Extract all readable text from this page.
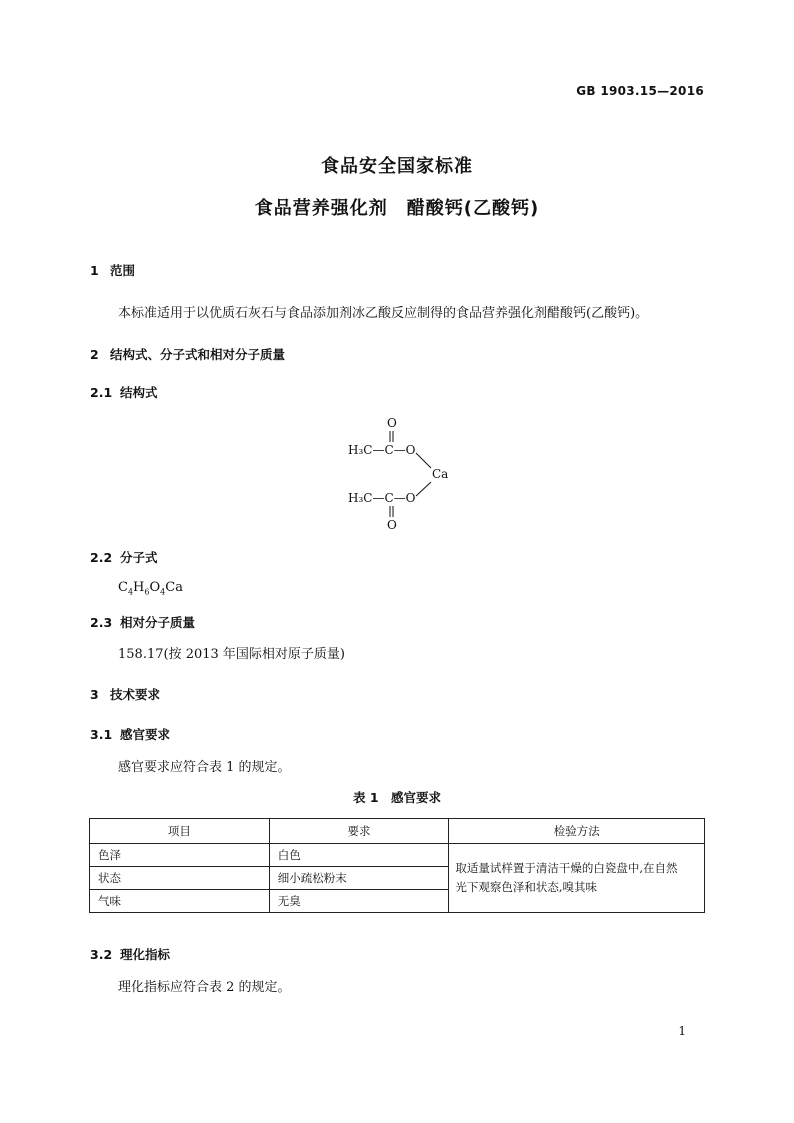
GB 1903.15—2016
食品安全国家标准
食品营养强化剂　醋酸钙(乙酸钙)
1 范围
本标准适用于以优质石灰石与食品添加剂冰乙酸反应制得的食品营养强化剂醋酸钙(乙酸钙)。
2 结构式、分子式和相对分子质量
2.1 结构式
O
H₃C—C—O
Ca
H₃C—C—O
O
2.2 分子式
$C_4H_6O_4Ca$
2.3 相对分子质量
158.17(按 2013 年国际相对原子质量)
3 技术要求
3.1 感官要求
感官要求应符合表 1 的规定。
表 1　感官要求
项目	要求	检验方法
色泽	白色	取适量试样置于清洁干燥的白瓷盘中,在自然
光下观察色泽和状态,嗅其味

状态	细小疏松粉末	
气味	无臭	
3.2 理化指标
理化指标应符合表 2 的规定。
1
